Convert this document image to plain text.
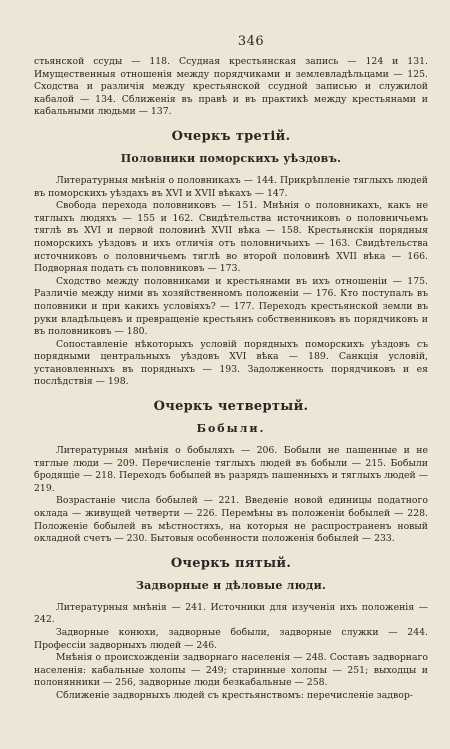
346

стьянской ссуды — 118. Ссудная крестьянская запись — 124 и 131. Имущественныя отношенія между порядчиками и землевладѣльцами — 125. Сходства и различія между крестьянской ссудной записью и служилой кабалой — 134. Сближенія въ правѣ и въ практикѣ между крестьянами и кабальными людьми — 137.

Очеркъ третій.
Половники поморскихъ уѣздовъ.

Литературныя мнѣнія о половникахъ — 144. Прикрѣпленіе тяглыхъ людей въ поморскихъ уѣздахъ въ XVI и XVII вѣкахъ — 147.

Свобода перехода половниковъ — 151. Мнѣнія о половникахъ, какъ не тяглыхъ людяхъ — 155 и 162. Свидѣтельства источниковъ о половничьемъ тяглѣ въ XVI и первой половинѣ XVII вѣка — 158. Крестьянскія порядныя поморскихъ уѣздовъ и ихъ отличія отъ половничьихъ — 163. Свидѣтельства источниковъ о половничьемъ тяглѣ во второй половинѣ XVII вѣка — 166. Подворная подать съ половниковъ — 173.

Сходство между половниками и крестьянами въ ихъ отношеніи — 175. Различіе между ними въ хозяйственномъ положеніи — 176. Кто поступалъ въ половники и при какихъ условіяхъ? — 177. Переходъ крестьянской земли въ руки владѣльцевъ и превращеніе крестьянъ собственниковъ въ порядчиковъ и въ половниковъ — 180.

Сопоставленіе нѣкоторыхъ условій порядныхъ поморскихъ уѣздовъ съ порядными центральныхъ уѣздовъ XVI вѣка — 189. Санкція условій, установленныхъ въ порядныхъ — 193. Задолженность порядчиковъ и ея послѣдствія — 198.

Очеркъ четвертый.
Бобыли.

Литературныя мнѣнія о бобыляхъ — 206. Бобыли не пашенные и не тяглые люди — 209. Перечисленіе тяглыхъ людей въ бобыли — 215. Бобыли бродящіе — 218. Переходъ бобылей въ разрядъ пашенныхъ и тяглыхъ людей — 219.

Возрастаніе числа бобылей — 221. Введеніе новой единицы податного оклада — живущей четверти — 226. Перемѣны въ положеніи бобылей — 228. Положеніе бобылей въ мѣстностяхъ, на которыя не распространенъ новый окладной счетъ — 230. Бытовыя особенности положенія бобылей — 233.

Очеркъ пятый.
Задворные и дѣловые люди.

Литературныя мнѣнія — 241. Источники для изученія ихъ положенія — 242.

Задворные конюхи, задворные бобыли, задворные служки — 244. Профессіи задворныхъ людей — 246.

Мнѣнія о происхожденіи задворнаго населенія — 248. Составъ задворнаго населенія: кабальные холопы — 249; старинные холопы — 251; выходцы и полонянники — 256, задворные люди безкабальные — 258.

Сближеніе задворныхъ людей съ крестьянствомъ: перечисленіе задвор-
